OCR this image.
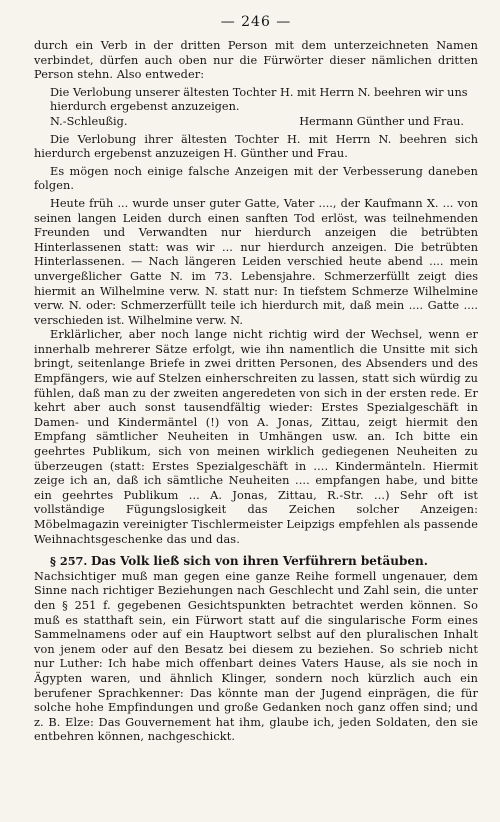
— 246 —

durch ein Verb in der dritten Person mit dem unterzeichneten Namen verbindet, dürfen auch oben nur die Fürwörter dieser nämlichen dritten Person stehn. Also entweder:

Die Verlobung unserer ältesten Tochter H. mit Herrn N. beehren wir uns hierdurch ergebenst anzuzeigen.
N.-Schleußig.	Hermann Günther und Frau.

Die Verlobung ihrer ältesten Tochter H. mit Herrn N. beehren sich hierdurch ergebenst anzuzeigen H. Günther und Frau.

Es mögen noch einige falsche Anzeigen mit der Verbesserung daneben folgen.

Heute früh ... wurde unser guter Gatte, Vater ...., der Kaufmann X. ... von seinen langen Leiden durch einen sanften Tod erlöst, was teilnehmenden Freunden und Verwandten nur hierdurch anzeigen die betrübten Hinterlassenen statt: was wir ... nur hierdurch anzeigen. Die betrübten Hinterlassenen. — Nach längeren Leiden verschied heute abend .... mein unvergeßlicher Gatte N. im 73. Lebensjahre. Schmerzerfüllt zeigt dies hiermit an Wilhelmine verw. N. statt nur: In tiefstem Schmerze Wilhelmine verw. N. oder: Schmerzerfüllt teile ich hierdurch mit, daß mein .... Gatte .... verschieden ist. Wilhelmine verw. N.

Erklärlicher, aber noch lange nicht richtig wird der Wechsel, wenn er innerhalb mehrerer Sätze erfolgt, wie ihn namentlich die Unsitte mit sich bringt, seitenlange Briefe in zwei dritten Personen, des Absenders und des Empfängers, wie auf Stelzen einherschreiten zu lassen, statt sich würdig zu fühlen, daß man zu der zweiten angeredeten von sich in der ersten rede. Er kehrt aber auch sonst tausendfältig wieder: Erstes Spezialgeschäft in Damen- und Kindermäntel (!) von A. Jonas, Zittau, zeigt hiermit den Empfang sämtlicher Neuheiten in Umhängen usw. an. Ich bitte ein geehrtes Publikum, sich von meinen wirklich gediegenen Neuheiten zu überzeugen (statt: Erstes Spezialgeschäft in .... Kindermänteln. Hiermit zeige ich an, daß ich sämtliche Neuheiten .... empfangen habe, und bitte ein geehrtes Publikum ... A. Jonas, Zittau, R.-Str. ...) Sehr oft ist vollständige Fügungslosigkeit das Zeichen solcher Anzeigen: Möbelmagazin vereinigter Tischlermeister Leipzigs empfehlen als passende Weihnachtsgeschenke das und das.

§ 257. Das Volk ließ sich von ihren Verführern betäuben.

Nachsichtiger muß man gegen eine ganze Reihe formell ungenauer, dem Sinne nach richtiger Beziehungen nach Geschlecht und Zahl sein, die unter den § 251 f. gegebenen Gesichtspunkten betrachtet werden können. So muß es statthaft sein, ein Fürwort statt auf die singularische Form eines Sammelnamens oder auf ein Hauptwort selbst auf den pluralischen Inhalt von jenem oder auf den Besatz bei diesem zu beziehen. So schrieb nicht nur Luther: Ich habe mich offenbart deines Vaters Hause, als sie noch in Ägypten waren, und ähnlich Klinger, sondern noch kürzlich auch ein berufener Sprachkenner: Das könnte man der Jugend einprägen, die für solche hohe Empfindungen und große Gedanken noch ganz offen sind; und z. B. Elze: Das Gouvernement hat ihm, glaube ich, jeden Soldaten, den sie entbehren können, nachgeschickt.
